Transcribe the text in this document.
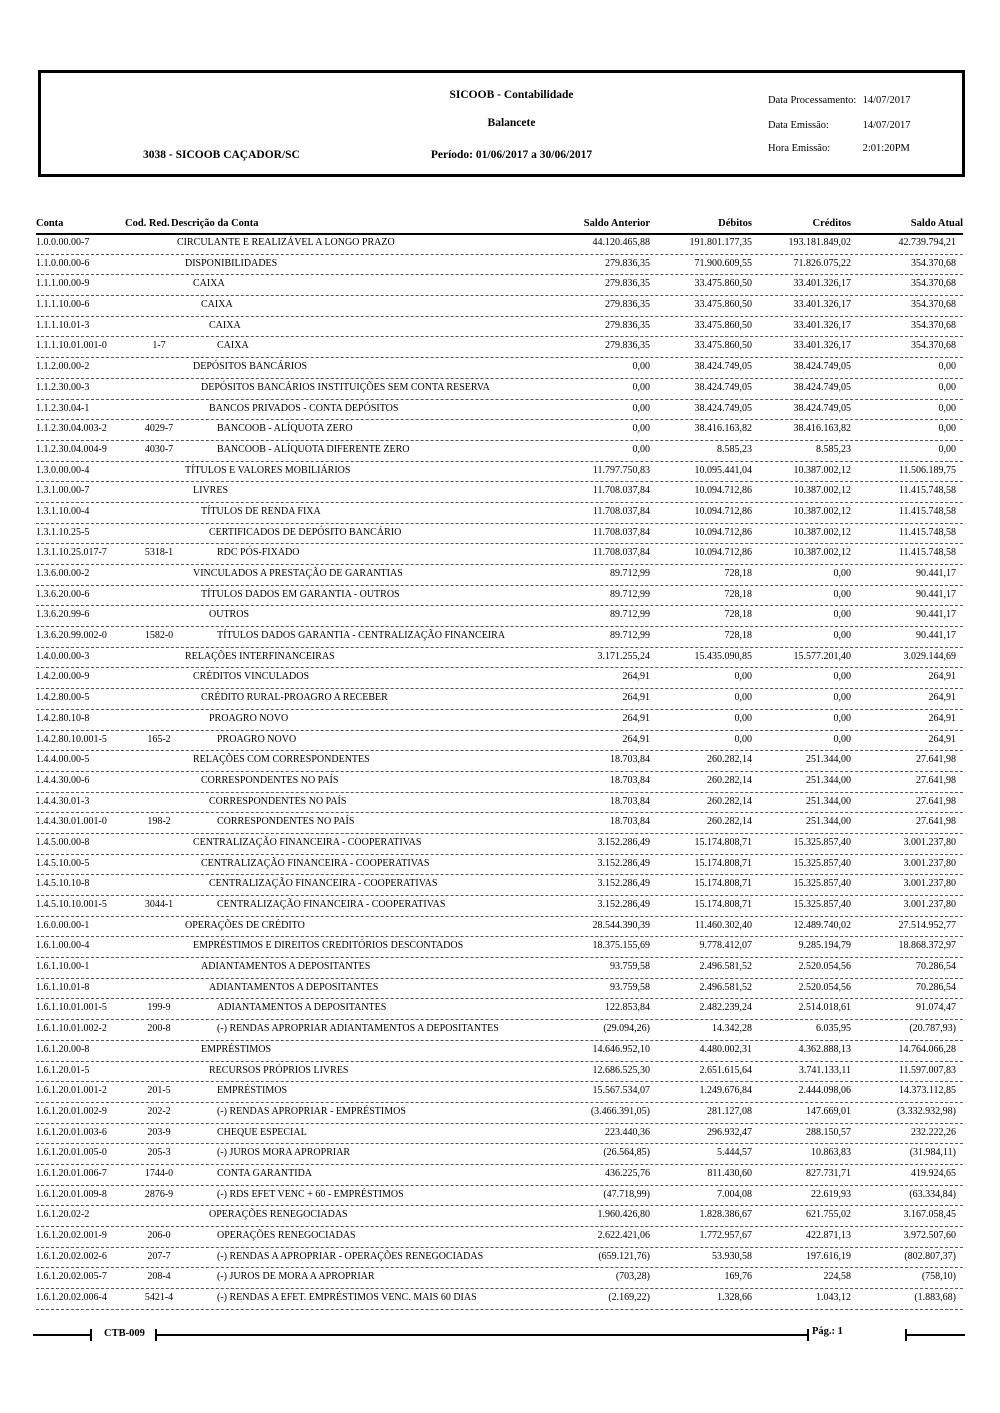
SICOOB - Contabilidade
Balancete
3038 - SICOOB CAÇADOR/SC	Período: 01/06/2017 a 30/06/2017
Data Processamento: 14/07/2017
Data Emissão:	14/07/2017
Hora Emissão:	2:01:20PM
Conta	Cod. Red. Descrição da Conta	Saldo Anterior	Débitos	Créditos	Saldo Atual
1.0.0.00.00-7	CIRCULANTE E REALIZÁVEL A LONGO PRAZO	44.120.465,88	191.801.177,35	193.181.849,02	42.739.794,21
1.1.0.00.00-6	DISPONIBILIDADES	279.836,35	71.900.609,55	71.826.075,22	354.370,68
1.1.1.00.00-9	CAIXA	279.836,35	33.475.860,50	33.401.326,17	354.370,68
1.1.1.10.00-6	CAIXA	279.836,35	33.475.860,50	33.401.326,17	354.370,68
1.1.1.10.01-3	CAIXA	279.836,35	33.475.860,50	33.401.326,17	354.370,68
1.1.1.10.01.001-0	1-7	CAIXA	279.836,35	33.475.860,50	33.401.326,17	354.370,68
1.1.2.00.00-2	DEPÓSITOS BANCÁRIOS	0,00	38.424.749,05	38.424.749,05	0,00
1.1.2.30.00-3	DEPÓSITOS BANCÁRIOS INSTITUIÇÕES SEM CONTA RESERVA	0,00	38.424.749,05	38.424.749,05	0,00
1.1.2.30.04-1	BANCOS PRIVADOS - CONTA DEPÓSITOS	0,00	38.424.749,05	38.424.749,05	0,00
1.1.2.30.04.003-2	4029-7	BANCOOB - ALÍQUOTA ZERO	0,00	38.416.163,82	38.416.163,82	0,00
1.1.2.30.04.004-9	4030-7	BANCOOB - ALÍQUOTA DIFERENTE ZERO	0,00	8.585,23	8.585,23	0,00
1.3.0.00.00-4	TÍTULOS E VALORES MOBILIÁRIOS	11.797.750,83	10.095.441,04	10.387.002,12	11.506.189,75
1.3.1.00.00-7	LIVRES	11.708.037,84	10.094.712,86	10.387.002,12	11.415.748,58
1.3.1.10.00-4	TÍTULOS DE RENDA FIXA	11.708.037,84	10.094.712,86	10.387.002,12	11.415.748,58
1.3.1.10.25-5	CERTIFICADOS DE DEPÓSITO BANCÁRIO	11.708.037,84	10.094.712,86	10.387.002,12	11.415.748,58
1.3.1.10.25.017-7	5318-1	RDC PÓS-FIXADO	11.708.037,84	10.094.712,86	10.387.002,12	11.415.748,58
1.3.6.00.00-2	VINCULADOS A PRESTAÇÃO DE GARANTIAS	89.712,99	728,18	0,00	90.441,17
1.3.6.20.00-6	TÍTULOS DADOS EM GARANTIA - OUTROS	89.712,99	728,18	0,00	90.441,17
1.3.6.20.99-6	OUTROS	89.712,99	728,18	0,00	90.441,17
1.3.6.20.99.002-0	1582-0	TÍTULOS DADOS GARANTIA - CENTRALIZAÇÃO FINANCEIRA	89.712,99	728,18	0,00	90.441,17
1.4.0.00.00-3	RELAÇÕES INTERFINANCEIRAS	3.171.255,24	15.435.090,85	15.577.201,40	3.029.144,69
1.4.2.00.00-9	CRÉDITOS VINCULADOS	264,91	0,00	0,00	264,91
1.4.2.80.00-5	CRÉDITO RURAL-PROAGRO A RECEBER	264,91	0,00	0,00	264,91
1.4.2.80.10-8	PROAGRO NOVO	264,91	0,00	0,00	264,91
1.4.2.80.10.001-5	165-2	PROAGRO NOVO	264,91	0,00	0,00	264,91
1.4.4.00.00-5	RELAÇÕES COM CORRESPONDENTES	18.703,84	260.282,14	251.344,00	27.641,98
1.4.4.30.00-6	CORRESPONDENTES NO PAÍS	18.703,84	260.282,14	251.344,00	27.641,98
1.4.4.30.01-3	CORRESPONDENTES NO PAÍS	18.703,84	260.282,14	251.344,00	27.641,98
1.4.4.30.01.001-0	198-2	CORRESPONDENTES NO PAÍS	18.703,84	260.282,14	251.344,00	27.641,98
1.4.5.00.00-8	CENTRALIZAÇÃO FINANCEIRA - COOPERATIVAS	3.152.286,49	15.174.808,71	15.325.857,40	3.001.237,80
1.4.5.10.00-5	CENTRALIZAÇÃO FINANCEIRA - COOPERATIVAS	3.152.286,49	15.174.808,71	15.325.857,40	3.001.237,80
1.4.5.10.10-8	CENTRALIZAÇÃO FINANCEIRA - COOPERATIVAS	3.152.286,49	15.174.808,71	15.325.857,40	3.001.237,80
1.4.5.10.10.001-5	3044-1	CENTRALIZAÇÃO FINANCEIRA - COOPERATIVAS	3.152.286,49	15.174.808,71	15.325.857,40	3.001.237,80
1.6.0.00.00-1	OPERAÇÕES DE CRÉDITO	28.544.390,39	11.460.302,40	12.489.740,02	27.514.952,77
1.6.1.00.00-4	EMPRÉSTIMOS E DIREITOS CREDITÓRIOS DESCONTADOS	18.375.155,69	9.778.412,07	9.285.194,79	18.868.372,97
1.6.1.10.00-1	ADIANTAMENTOS A DEPOSITANTES	93.759,58	2.496.581,52	2.520.054,56	70.286,54
1.6.1.10.01-8	ADIANTAMENTOS A DEPOSITANTES	93.759,58	2.496.581,52	2.520.054,56	70.286,54
1.6.1.10.01.001-5	199-9	ADIANTAMENTOS A DEPOSITANTES	122.853,84	2.482.239,24	2.514.018,61	91.074,47
1.6.1.10.01.002-2	200-8	(-) RENDAS APROPRIAR ADIANTAMENTOS A DEPOSITANTES	(29.094,26)	14.342,28	6.035,95	(20.787,93)
1.6.1.20.00-8	EMPRÉSTIMOS	14.646.952,10	4.480.002,31	4.362.888,13	14.764.066,28
1.6.1.20.01-5	RECURSOS PRÓPRIOS LIVRES	12.686.525,30	2.651.615,64	3.741.133,11	11.597.007,83
1.6.1.20.01.001-2	201-5	EMPRÉSTIMOS	15.567.534,07	1.249.676,84	2.444.098,06	14.373.112,85
1.6.1.20.01.002-9	202-2	(-) RENDAS APROPRIAR - EMPRÉSTIMOS	(3.466.391,05)	281.127,08	147.669,01	(3.332.932,98)
1.6.1.20.01.003-6	203-9	CHEQUE ESPECIAL	223.440,36	296.932,47	288.150,57	232.222,26
1.6.1.20.01.005-0	205-3	(-) JUROS MORA APROPRIAR	(26.564,85)	5.444,57	10.863,83	(31.984,11)
1.6.1.20.01.006-7	1744-0	CONTA GARANTIDA	436.225,76	811.430,60	827.731,71	419.924,65
1.6.1.20.01.009-8	2876-9	(-) RDS EFET VENC + 60 - EMPRÉSTIMOS	(47.718,99)	7.004,08	22.619,93	(63.334,84)
1.6.1.20.02-2	OPERAÇÕES RENEGOCIADAS	1.960.426,80	1.828.386,67	621.755,02	3.167.058,45
1.6.1.20.02.001-9	206-0	OPERAÇÕES RENEGOCIADAS	2.622.421,06	1.772.957,67	422.871,13	3.972.507,60
1.6.1.20.02.002-6	207-7	(-) RENDAS A APROPRIAR - OPERAÇÕES RENEGOCIADAS	(659.121,76)	53.930,58	197.616,19	(802.807,37)
1.6.1.20.02.005-7	208-4	(-) JUROS DE MORA A APROPRIAR	(703,28)	169,76	224,58	(758,10)
1.6.1.20.02.006-4	5421-4	(-) RENDAS A EFET. EMPRÉSTIMOS VENC. MAIS 60 DIAS	(2.169,22)	1.328,66	1.043,12	(1.883,68)
CTB-009	Pág.: 1
